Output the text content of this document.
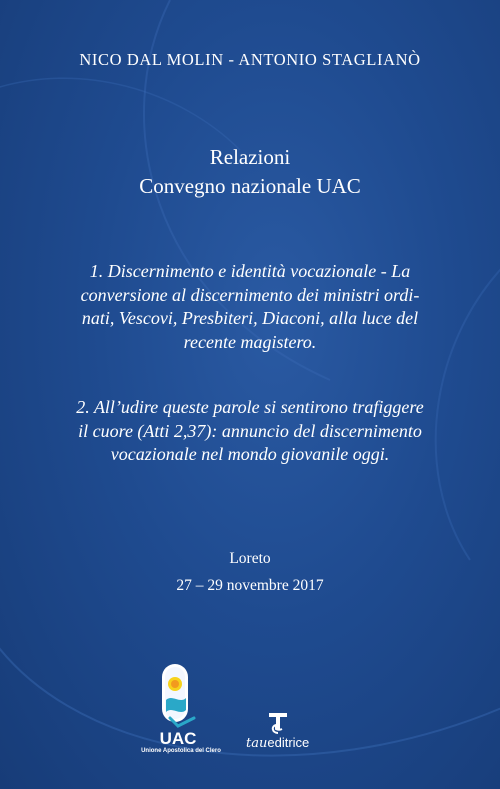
NICO DAL MOLIN - ANTONIO STAGLIANÒ
Relazioni
Convegno nazionale UAC
1. Discernimento e identità vocazionale - La
conversione al discernimento dei ministri ordi-
nati, Vescovi, Presbiteri, Diaconi, alla luce del
recente magistero.
2. All’udire queste parole si sentirono trafiggere
il cuore (Atti 2,37): annuncio del discernimento
vocazionale nel mondo giovanile oggi.
Loreto
27 – 29 novembre 2017
UAC
Unione Apostolica del Clero	taueditrice
